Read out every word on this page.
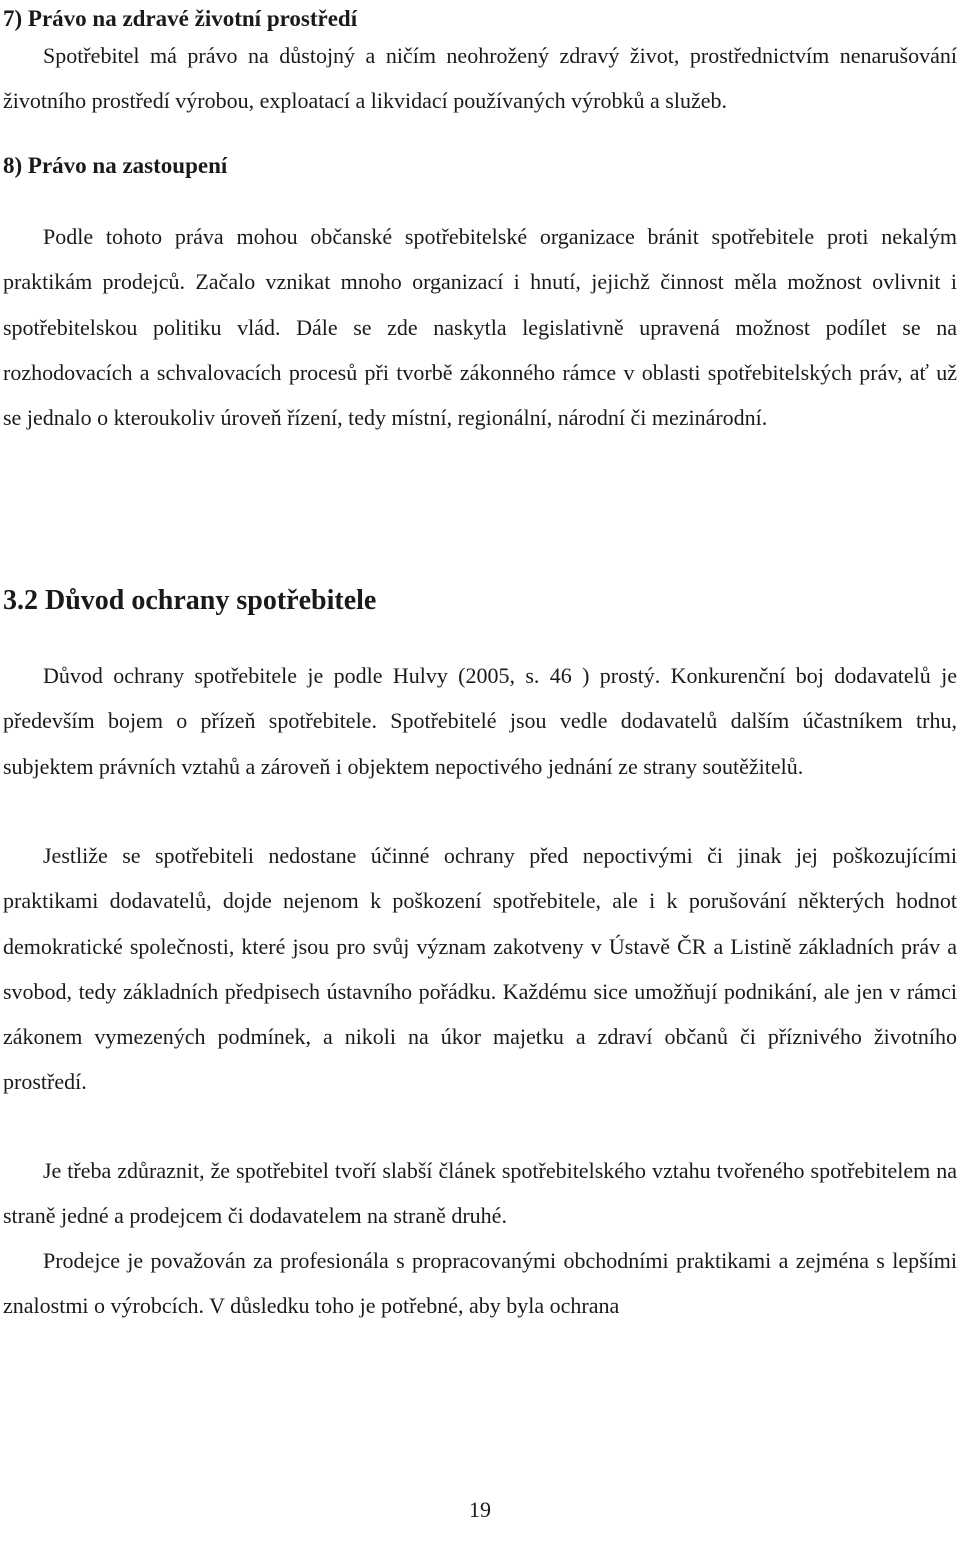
7) Právo na zdravé životní prostředí

Spotřebitel má právo na důstojný a ničím neohrožený zdravý život, prostřednictvím nenarušování životního prostředí výrobou, exploatací a likvidací používaných výrobků a služeb.

8) Právo na zastoupení

Podle tohoto práva mohou občanské spotřebitelské organizace bránit spotřebitele proti nekalým praktikám prodejců. Začalo vznikat mnoho organizací i hnutí, jejichž činnost měla možnost ovlivnit i spotřebitelskou politiku vlád. Dále se zde naskytla legislativně upravená možnost podílet se na rozhodovacích a schvalovacích procesů při tvorbě zákonného rámce v oblasti spotřebitelských práv, ať už se jednalo o kteroukoliv úroveň řízení, tedy místní, regionální, národní či mezinárodní.

3.2 Důvod ochrany spotřebitele

Důvod ochrany spotřebitele je podle Hulvy (2005, s. 46 ) prostý. Konkurenční boj dodavatelů je především bojem o přízeň spotřebitele. Spotřebitelé jsou vedle dodavatelů dalším účastníkem trhu, subjektem právních vztahů a zároveň i objektem nepoctivého jednání ze strany soutěžitelů.

Jestliže se spotřebiteli nedostane účinné ochrany před nepoctivými či jinak jej poškozujícími praktikami dodavatelů, dojde nejenom k poškození spotřebitele, ale i k porušování některých hodnot demokratické společnosti, které jsou pro svůj význam zakotveny v Ústavě ČR a Listině základních práv a svobod, tedy základních předpisech ústavního pořádku. Každému sice umožňují podnikání, ale jen v rámci zákonem vymezených podmínek, a nikoli na úkor majetku a zdraví občanů či příznivého životního prostředí.

Je třeba zdůraznit, že spotřebitel tvoří slabší článek spotřebitelského vztahu tvořeného spotřebitelem na straně jedné a prodejcem či dodavatelem na straně druhé.

Prodejce je považován za profesionála s propracovanými obchodními praktikami a zejména s lepšími znalostmi o výrobcích. V důsledku toho je potřebné, aby byla ochrana

19
